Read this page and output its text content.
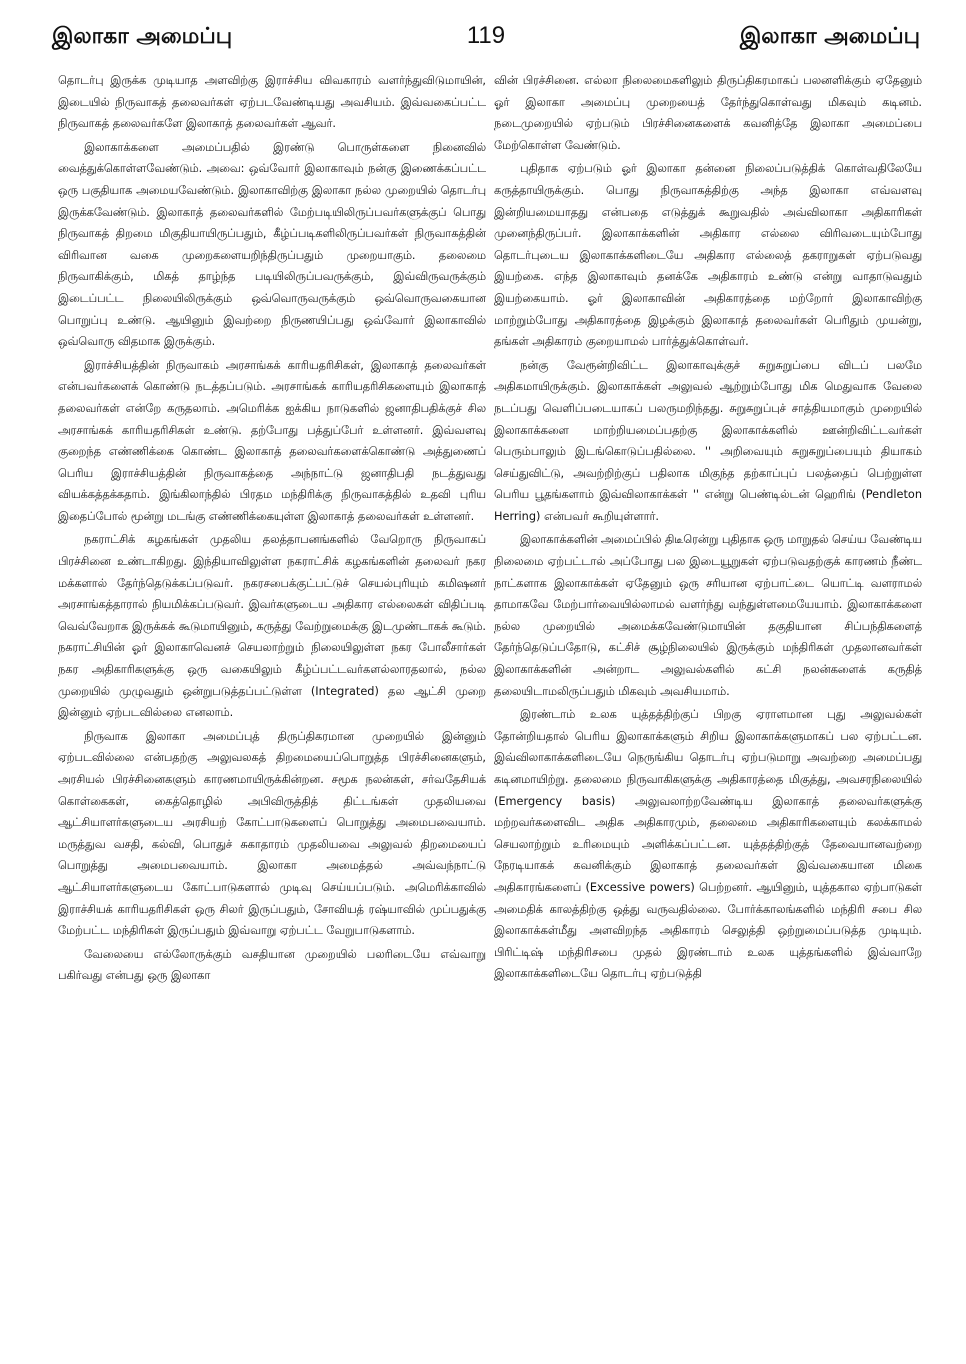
இலாகா அமைப்பு	119	இலாகா அமைப்பு

தொடர்பு இருக்க முடியாத அளவிற்கு இராச்சிய விவகாரம் வளர்ந்துவிடுமாயின், இடையில் நிருவாகத் தலைவர்கள் ஏற்படவேண்டியது அவசியம். இவ்வகைப்பட்ட நிருவாகத் தலைவர்களே இலாகாத் தலைவர்கள் ஆவர்.

இலாகாக்களை அமைப்பதில் இரண்டு பொருள்களை நினைவில் வைத்துக்கொள்ளவேண்டும். அவை: ஒவ்வோர் இலாகாவும் நன்கு இணைக்கப்பட்ட ஒரு பகுதியாக அமையவேண்டும். இலாகாவிற்கு இலாகா நல்ல முறையில் தொடர்பு இருக்கவேண்டும். இலாகாத் தலைவர்களில் மேற்படியிலிருப்பவர்களுக்குப் பொது நிருவாகத் திறமை மிகுதியாயிருப்பதும், கீழ்ப்படிகளிலிருப்பவர்கள் நிருவாகத்தின் விரிவான வகை முறைகளையறிந்திருப்பதும் முறையாகும். தலைமை நிருவாகிக்கும், மிகத் தாழ்ந்த படியிலிருப்பவருக்கும், இவ்விருவருக்கும் இடைப்பட்ட நிலையிலிருக்கும் ஒவ்வொருவருக்கும் ஒவ்வொருவகையான பொறுப்பு உண்டு. ஆயினும் இவற்றை நிருணயிப்பது ஒவ்வோர் இலாகாவில் ஒவ்வொரு விதமாக இருக்கும்.

இராச்சியத்தின் நிருவாகம் அரசாங்கக் காரியதரிசிகள், இலாகாத் தலைவர்கள் என்பவர்களைக் கொண்டு நடத்தப்படும். அரசாங்கக் காரியதரிசிகளையும் இலாகாத் தலைவர்கள் என்றே கருதலாம். அமெரிக்க ஐக்கிய நாடுகளில் ஜனாதிபதிக்குச் சில அரசாங்கக் காரியதரிசிகள் உண்டு. தற்போது பத்துப்பேர் உள்ளனர். இவ்வளவு குறைந்த எண்ணிக்கை கொண்ட இலாகாத் தலைவர்களைக்கொண்டு அத்துணைப் பெரிய இராச்சியத்தின் நிருவாகத்தை அந்நாட்டு ஜனாதிபதி நடத்துவது வியக்கத்தக்கதாம். இங்கிலாந்தில் பிரதம மந்திரிக்கு நிருவாகத்தில் உதவி புரிய இதைப்போல் மூன்று மடங்கு எண்ணிக்கையுள்ள இலாகாத் தலைவர்கள் உள்ளனர்.

நகராட்சிக் கழகங்கள் முதலிய தலத்தாபனங்களில் வேறொரு நிருவாகப் பிரச்சினை உண்டாகிறது. இந்தியாவிலுள்ள நகராட்சிக் கழகங்களின் தலைவர் நகர மக்களால் தேர்ந்தெடுக்கப்படுவர். நகரசபைக்குட்பட்டுச் செயல்புரியும் கமிஷனர் அரசாங்கத்தாரால் நியமிக்கப்படுவர். இவர்களுடைய அதிகார எல்லைகள் விதிப்படி வெவ்வேறாக இருக்கக் கூடுமாயினும், கருத்து வேற்றுமைக்கு இடமுண்டாகக் கூடும். நகராட்சியின் ஓர் இலாகாவெனச் செயலாற்றும் நிலையிலுள்ள நகர போலீசார்கள் நகர அதிகாரிகளுக்கு ஒரு வகையிலும் கீழ்ப்பட்டவர்களல்லாரதலால், நல்ல முறையில் முழுவதும் ஒன்றுபடுத்தப்பட்டுள்ள (Integrated) தல ஆட்சி முறை இன்னும் ஏற்படவில்லை எனலாம்.

நிருவாக இலாகா அமைப்புத் திருப்திகரமான முறையில் இன்னும் ஏற்படவில்லை என்பதற்கு அலுவலகத் திறமையைப்பொறுத்த பிரச்சினைகளும், அரசியல் பிரச்சினைகளும் காரணமாயிருக்கின்றன. சமூக நலன்கள், சர்வதேசியக் கொள்கைகள், கைத்தொழில் அபிவிருத்தித் திட்டங்கள் முதலியவை ஆட்சியாளர்களுடைய அரசியற் கோட்பாடுகளைப் பொறுத்து அமைபவையாம். மருத்துவ வசதி, கல்வி, பொதுச் சுகாதாரம் முதலியவை அலுவல் திறமையைப் பொறுத்து அமைபவையாம். இலாகா அமைத்தல் அவ்வந்நாட்டு ஆட்சியாளர்களுடைய கோட்பாடுகளால் முடிவு செய்யப்படும். அமெரிக்காவில் இராச்சியக் காரியதரிசிகள் ஒரு சிலர் இருப்பதும், சோவியத் ரஷ்யாவில் முப்பதுக்கு மேற்பட்ட மந்திரிகள் இருப்பதும் இவ்வாறு ஏற்பட்ட வேறுபாடுகளாம்.

வேலையை எல்லோருக்கும் வசதியான முறையில் பலரிடையே எவ்வாறு பகிர்வது என்பது ஒரு இலாகா

வின் பிரச்சினை. எல்லா நிலைமைகளிலும் திருப்திகரமாகப் பலனளிக்கும் ஏதேனும் ஓர் இலாகா அமைப்பு முறையைத் தேர்ந்துகொள்வது மிகவும் கடினம். நடைமுறையில் ஏற்படும் பிரச்சினைகளைக் கவனித்தே இலாகா அமைப்பை மேற்கொள்ள வேண்டும்.

புதிதாக ஏற்படும் ஓர் இலாகா தன்னை நிலைப்படுத்திக் கொள்வதிலேயே கருத்தாயிருக்கும். பொது நிருவாகத்திற்கு அந்த இலாகா எவ்வளவு இன்றியமையாதது என்பதை எடுத்துக் கூறுவதில் அவ்விலாகா அதிகாரிகள் முனைந்திருப்பர். இலாகாக்களின் அதிகார எல்லை விரிவடையும்போது தொடர்புடைய இலாகாக்களிடையே அதிகார எல்லைத் தகராறுகள் ஏற்படுவது இயற்கை. எந்த இலாகாவும் தனக்கே அதிகாரம் உண்டு என்று வாதாடுவதும் இயற்கையாம். ஓர் இலாகாவின் அதிகாரத்தை மற்றோர் இலாகாவிற்கு மாற்றும்போது அதிகாரத்தை இழக்கும் இலாகாத் தலைவர்கள் பெரிதும் முயன்று, தங்கள் அதிகாரம் குறையாமல் பார்த்துக்கொள்வர்.

நன்கு வேரூன்றிவிட்ட இலாகாவுக்குச் சுறுசுறுப்பை விடப் பலமே அதிகமாயிருக்கும். இலாகாக்கள் அலுவல் ஆற்றும்போது மிக மெதுவாக வேலை நடப்பது வெளிப்படையாகப் பலருமறிந்தது. சுறுசுறுப்புச் சாத்தியமாகும் முறையில் இலாகாக்களை மாற்றியமைப்பதற்கு இலாகாக்களில் ஊன்றிவிட்டவர்கள் பெரும்பாலும் இடங்கொடுப்பதில்லை. '' அறிவையும் சுறுசுறுப்பையும் தியாகம் செய்துவிட்டு, அவற்றிற்குப் பதிலாக மிகுந்த தற்காப்புப் பலத்தைப் பெற்றுள்ள பெரிய பூதங்களாம் இவ்விலாகாக்கள் '' என்று பெண்டில்டன் ஹெரிங் (Pendleton Herring) என்பவர் கூறியுள்ளார்.

இலாகாக்களின் அமைப்பில் திடீரென்று புதிதாக ஒரு மாறுதல் செய்ய வேண்டிய நிலைமை ஏற்பட்டால் அப்போது பல இடையூறுகள் ஏற்படுவதற்குக் காரணம் நீண்ட நாட்களாக இலாகாக்கள் ஏதேனும் ஒரு சரியான ஏற்பாட்டை யொட்டி வளராமல் தாமாகவே மேற்பார்வையில்லாமல் வளர்ந்து வந்துள்ளமையேயாம். இலாகாக்களை நல்ல முறையில் அமைக்கவேண்டுமாயின் தகுதியான சிப்பந்திகளைத் தேர்ந்தெடுப்பதோடு, கட்சிச் சூழ்நிலையில் இருக்கும் மந்திரிகள் முதலானவர்கள் இலாகாக்களின் அன்றாட அலுவல்களில் கட்சி நலன்களைக் கருதித் தலையிடாமலிருப்பதும் மிகவும் அவசியமாம்.

இரண்டாம் உலக யுத்தத்திற்குப் பிறகு ஏராளமான புது அலுவல்கள் தோன்றியதால் பெரிய இலாகாக்களும் சிறிய இலாகாக்களுமாகப் பல ஏற்பட்டன. இவ்விலாகாக்களிடையே நெருங்கிய தொடர்பு ஏற்படுமாறு அவற்றை அமைப்பது கடினமாயிற்று. தலைமை நிருவாகிகளுக்கு அதிகாரத்தை மிகுத்து, அவசரநிலையில் (Emergency basis) அலுவலாற்றவேண்டிய இலாகாத் தலைவர்களுக்கு மற்றவர்களைவிட அதிக அதிகாரமும், தலைமை அதிகாரிகளையும் கலக்காமல் செயலாற்றும் உரிமையும் அளிக்கப்பட்டன. யுத்தத்திற்குத் தேவையானவற்றை நேரடியாகக் கவனிக்கும் இலாகாத் தலைவர்கள் இவ்வகையான மிகை அதிகாரங்களைப் (Excessive powers) பெற்றனர். ஆயினும், யுத்தகால ஏற்பாடுகள் அமைதிக் காலத்திற்கு ஒத்து வருவதில்லை. போர்க்காலங்களில் மந்திரி சபை சில இலாகாக்கள்மீது அளவிறந்த அதிகாரம் செலுத்தி ஒற்றுமைப்படுத்த முடியும். பிரிட்டிஷ் மந்திரிசபை முதல் இரண்டாம் உலக யுத்தங்களில் இவ்வாறே இலாகாக்களிடையே தொடர்பு ஏற்படுத்தி
